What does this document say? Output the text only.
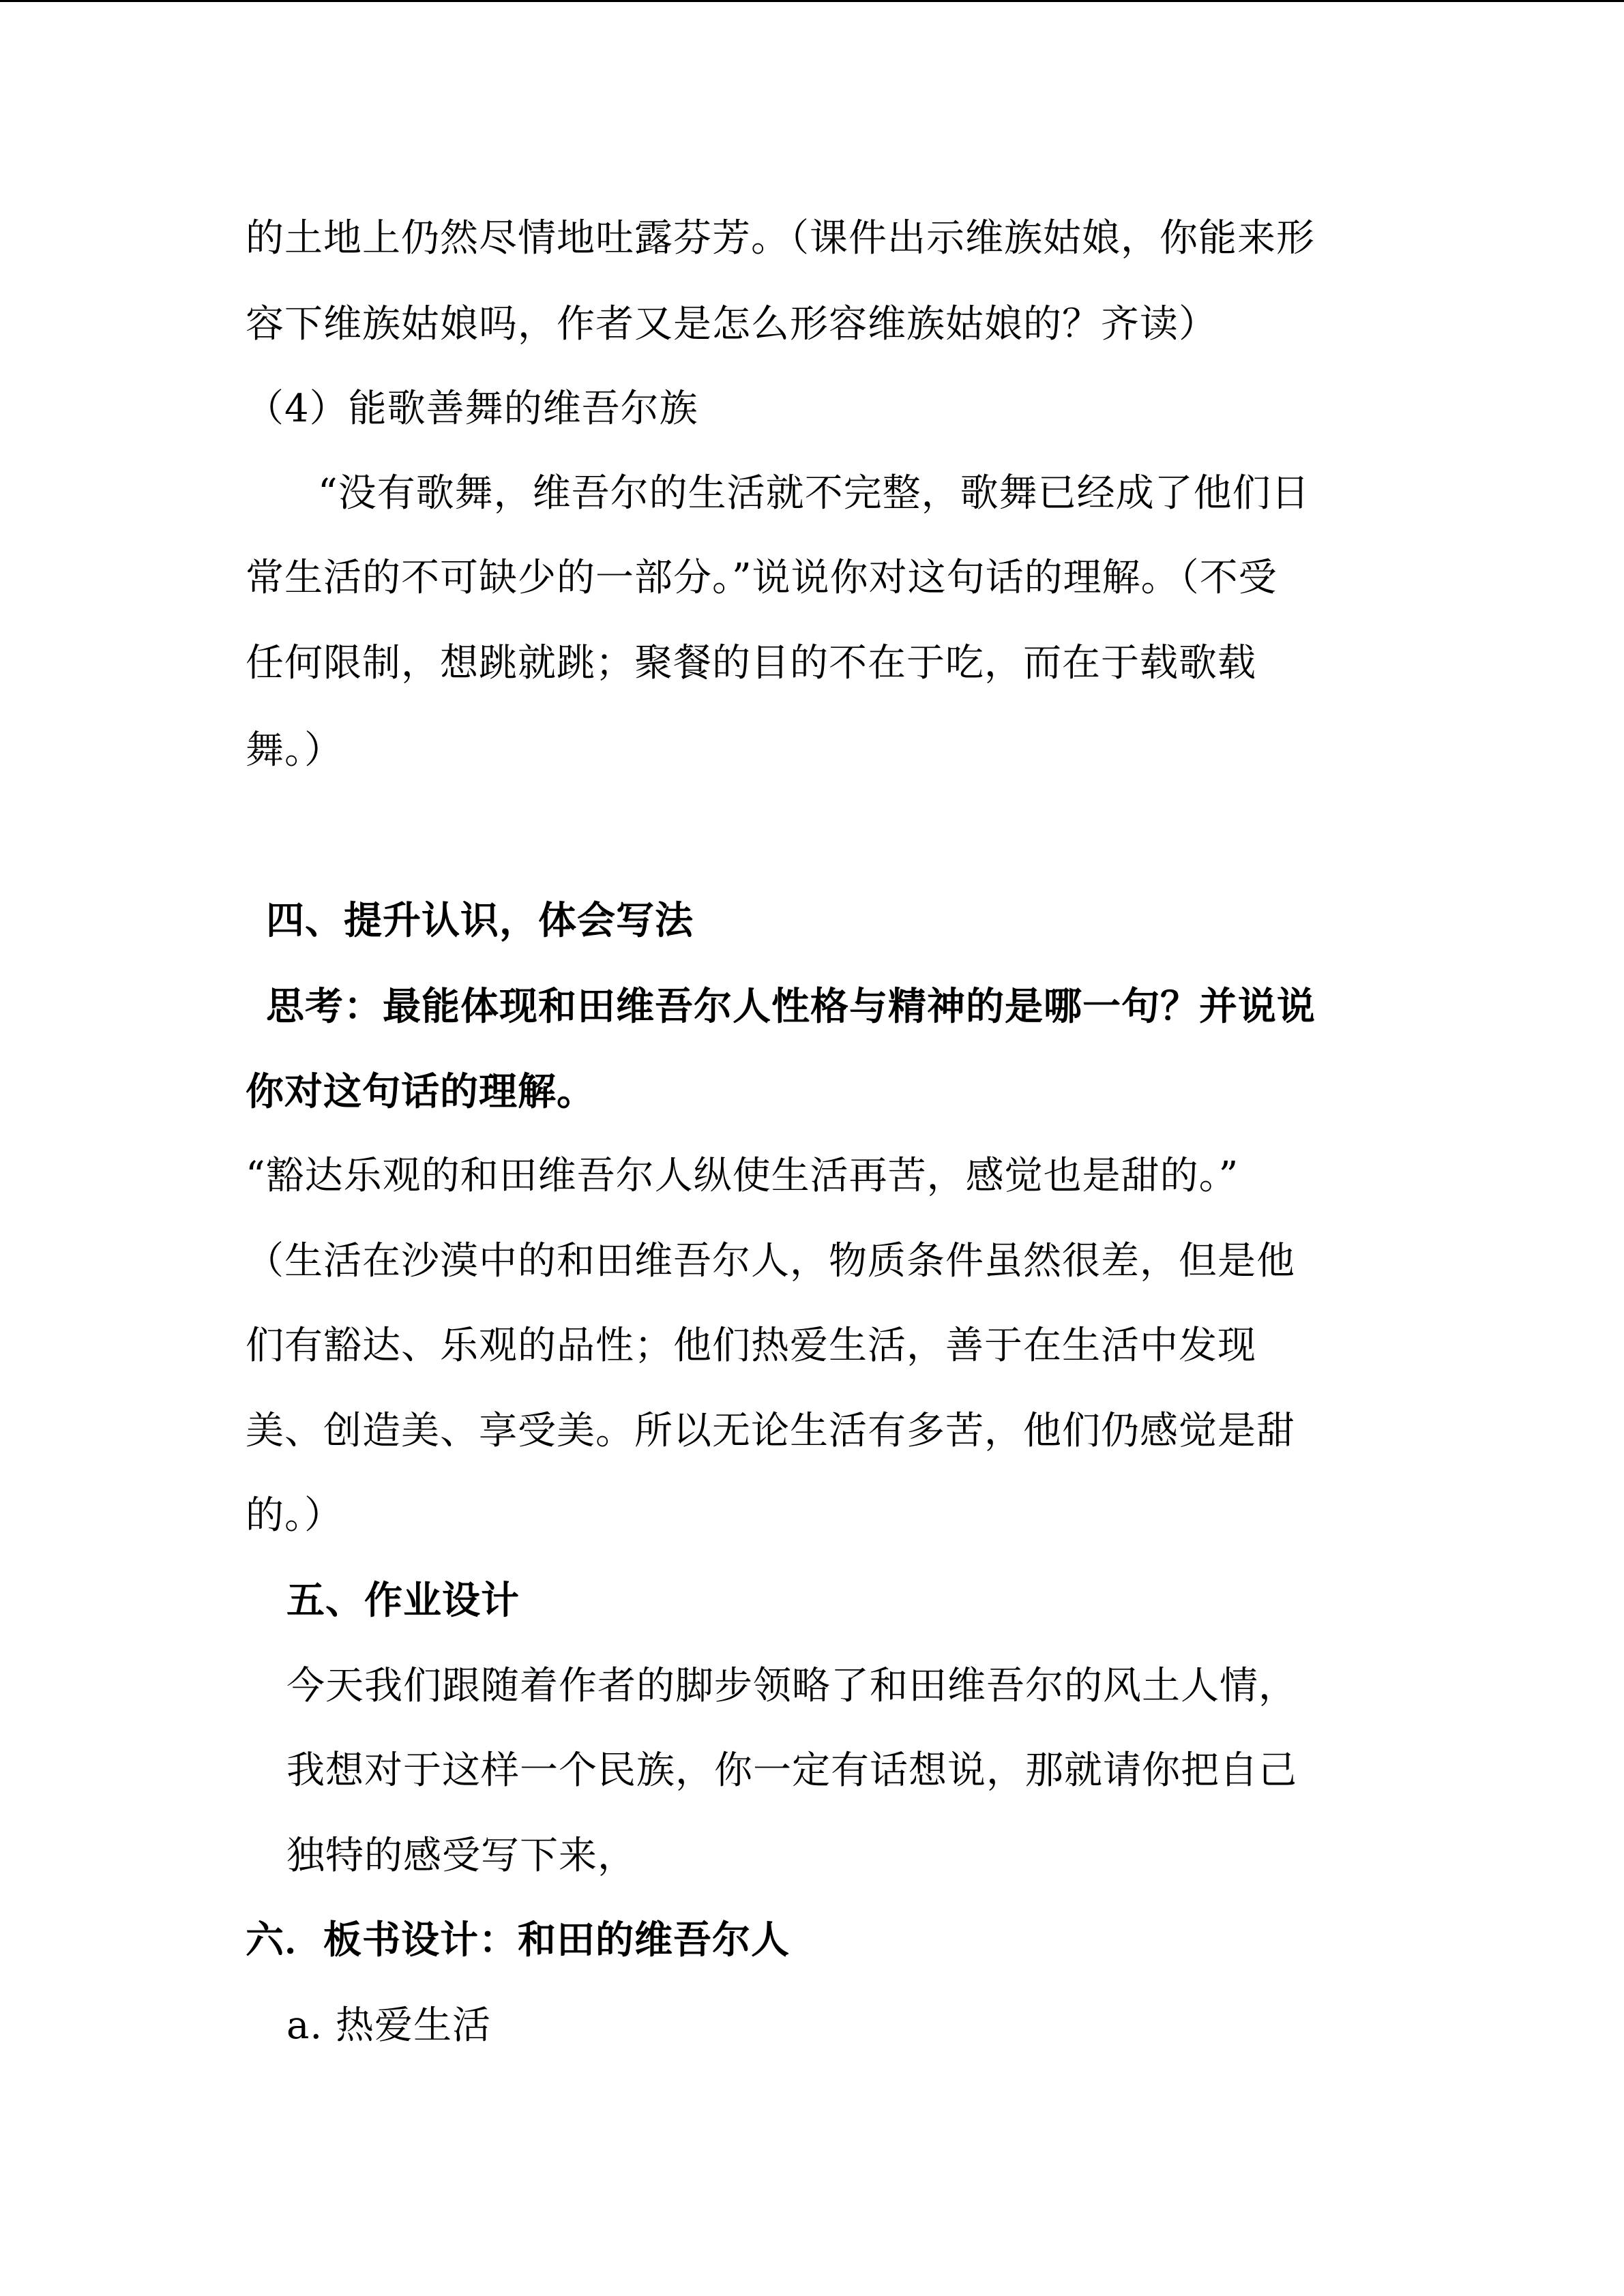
的土地上仍然尽情地吐露芬芳。（课件出示维族姑娘，你能来形

容下维族姑娘吗，作者又是怎么形容维族姑娘的？齐读）

（4）能歌善舞的维吾尔族

“没有歌舞，维吾尔的生活就不完整，歌舞已经成了他们日

常生活的不可缺少的一部分。”说说你对这句话的理解。（不受

任何限制，想跳就跳；聚餐的目的不在于吃，而在于载歌载

舞。）

四、提升认识，体会写法

思考：最能体现和田维吾尔人性格与精神的是哪一句？并说说

你对这句话的理解。

“豁达乐观的和田维吾尔人纵使生活再苦，感觉也是甜的。”

（生活在沙漠中的和田维吾尔人，物质条件虽然很差，但是他

们有豁达、乐观的品性；他们热爱生活，善于在生活中发现

美、创造美、享受美。所以无论生活有多苦，他们仍感觉是甜

的。）

五、作业设计

今天我们跟随着作者的脚步领略了和田维吾尔的风土人情，

我想对于这样一个民族，你一定有话想说，那就请你把自己

独特的感受写下来，

六．板书设计：和田的维吾尔人

a. 热爱生活
